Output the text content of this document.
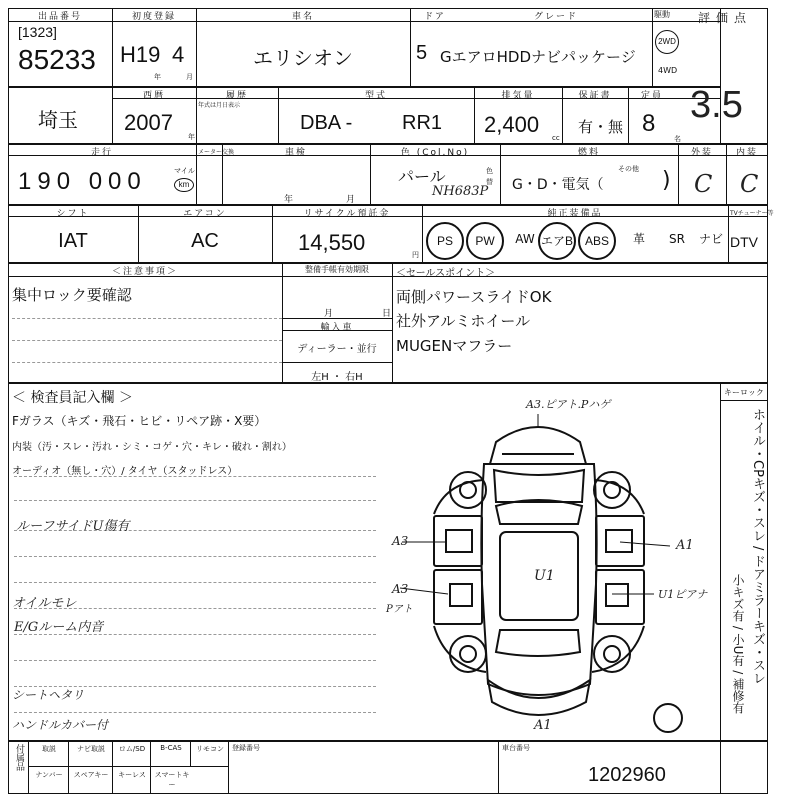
出品番号
[1323]
85233
初度登録
H19 4
年	月
車名
エリシオン
ドア	グレード
5 GエアロHDDナビパッケージ
駆動
2WD
4WD
評価点
3.5
埼玉
西暦
2007
年
履歴
年式は月日表示
型式
DBA - RR1
排気量
2,400
cc
保証書
有・無
定員
8
名
走行
190 000	マイル
km
メーター交換	車検
年	月
色 (Col.No)
パール
NH683P
色替
燃料
G・D・電気（
その他 )
外装	内装
C C
シフト
IAT
エアコン
AC
リサイクル預託金
14,550	円
純正装備品
PS	PW	AW エアB ABS	革	SR	ナビ
TVチューナー等
DTV
＜注意事項＞
集中ロック要確認
整備手帳有効期限
月	日
輸入車
ディーラー・並行
左H ・ 右H
＜セールスポイント＞
両側パワースライドOK
社外アルミホイール
MUGENマフラー
＜ 検査員記入欄 ＞
Fガラス（キズ・飛石・ヒビ・リペア跡・X要）
内装（汚・スレ・汚れ・シミ・コゲ・穴・キレ・破れ・割れ）
オーディオ（無し・穴）/ タイヤ（スタッドレス）
ルーフサイドU傷有
オイルモレ
E/Gルーム内音
シートヘタリ
ハンドルカバー付
A3.ピアト.Pハゲ
A3	A1
A3
Pアト
U1
U1ピアナ
A1
キーロック
ホイル・CPキズ・スレ / ドアミラーキズ・スレ
小キズ有 / 小U有 / 補修有
付属品	取説	ナビ取説	ロム/SD	B-CAS	リモコン
ナンバー	スペアキー	キーレス	スマートキー
登録番号	車台番号
1202960
